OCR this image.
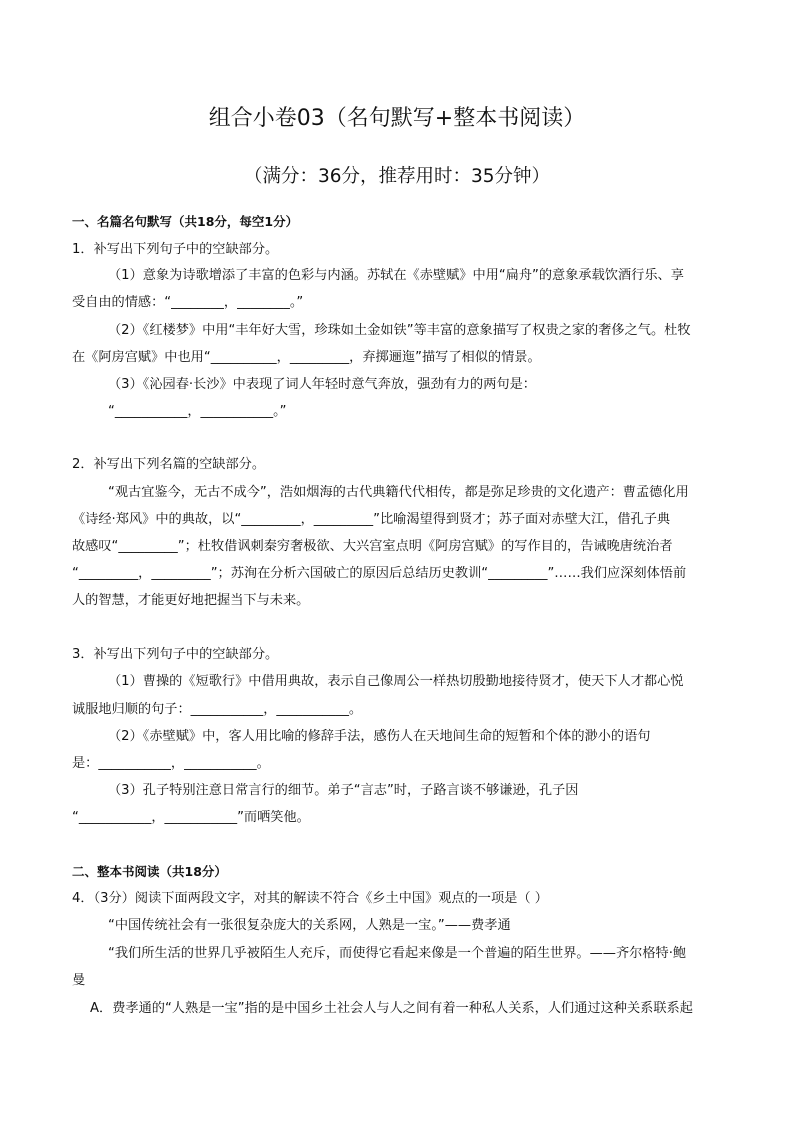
组合小卷03（名句默写+整本书阅读）
（满分：36分，推荐用时：35分钟）
一、名篇名句默写（共18分，每空1分）
1．补写出下列句子中的空缺部分。
（1）意象为诗歌增添了丰富的色彩与内涵。苏轼在《赤壁赋》中用“扁舟”的意象承载饮酒行乐、享
受自由的情感：“________，________。”
（2）《红楼梦》中用“丰年好大雪，珍珠如土金如铁”等丰富的意象描写了权贵之家的奢侈之气。杜牧
在《阿房宫赋》中也用“__________，_________，弃掷逦迤”描写了相似的情景。
（3）《沁园春·长沙》中表现了词人年轻时意气奔放，强劲有力的两句是：
“___________，___________。”
2．补写出下列名篇的空缺部分。
“观古宜鉴今，无古不成今”，浩如烟海的古代典籍代代相传，都是弥足珍贵的文化遗产：曹孟德化用
《诗经·郑风》中的典故，以“_________，_________”比喻渴望得到贤才；苏子面对赤壁大江，借孔子典
故感叹“_________”；杜牧借讽刺秦穷奢极欲、大兴宫室点明《阿房宫赋》的写作目的，告诫晚唐统治者
“_________，_________”；苏洵在分析六国破亡的原因后总结历史教训“_________”……我们应深刻体悟前
人的智慧，才能更好地把握当下与未来。
3．补写出下列句子中的空缺部分。
（1）曹操的《短歌行》中借用典故，表示自己像周公一样热切殷勤地接待贤才，使天下人才都心悦
诚服地归顺的句子：___________，___________。
（2）《赤壁赋》中，客人用比喻的修辞手法，感伤人在天地间生命的短暂和个体的渺小的语句
是：___________，___________。
（3）孔子特别注意日常言行的细节。弟子“言志”时，子路言谈不够谦逊，孔子因
“___________，___________”而哂笑他。
二、整本书阅读（共18分）
4．（3分）阅读下面两段文字，对其的解读不符合《乡土中国》观点的一项是（ ）
“中国传统社会有一张很复杂庞大的关系网，人熟是一宝。”——费孝通
“我们所生活的世界几乎被陌生人充斥，而使得它看起来像是一个普遍的陌生世界。——齐尔格特·鲍
曼
A．费孝通的“人熟是一宝”指的是中国乡土社会人与人之间有着一种私人关系，人们通过这种关系联系起
